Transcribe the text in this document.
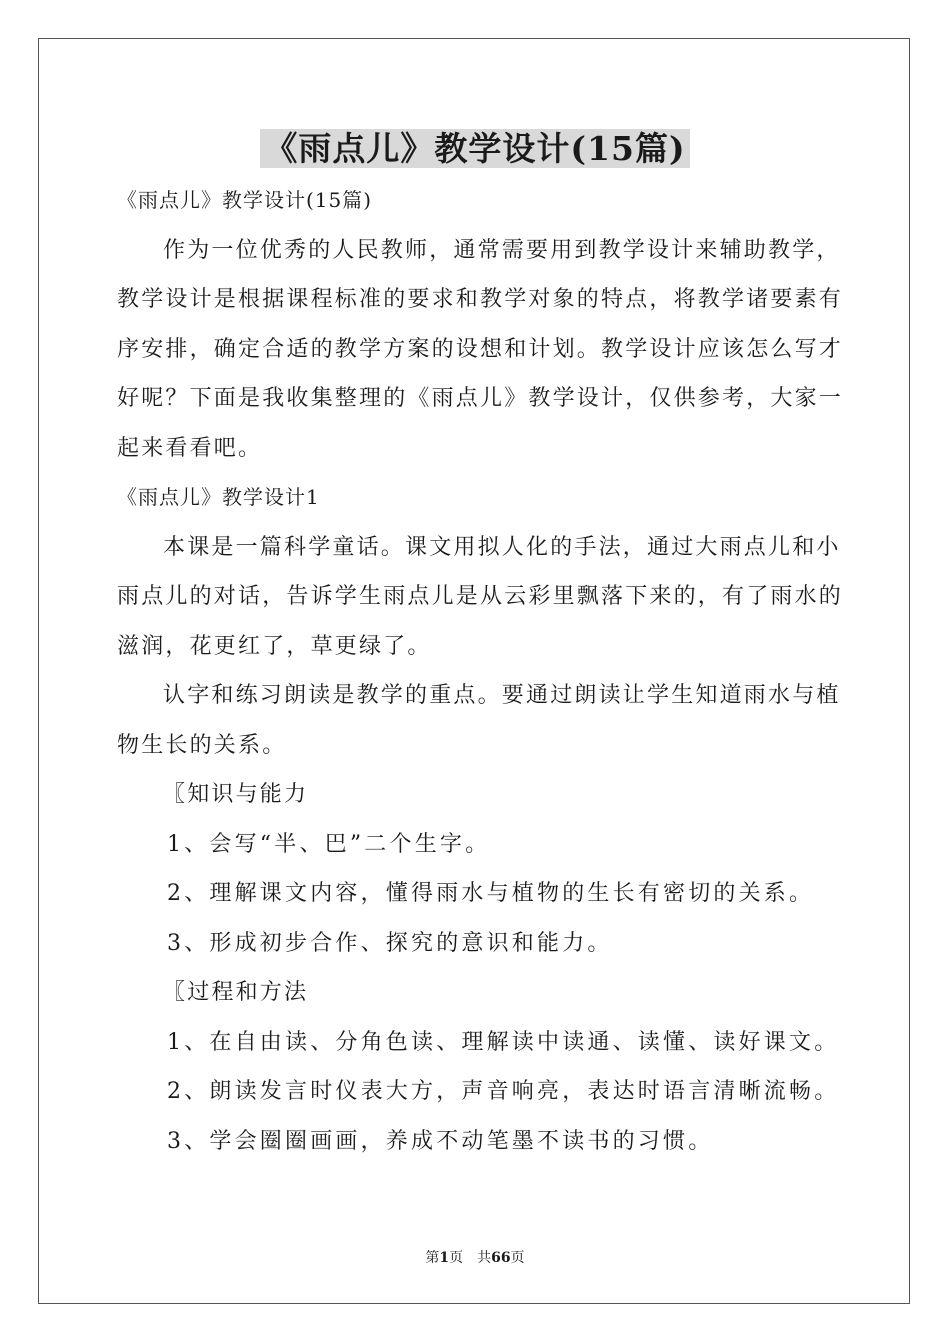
《雨点儿》教学设计(15篇)
《雨点儿》教学设计(15篇)
作为一位优秀的人民教师，通常需要用到教学设计来辅助教学，
教学设计是根据课程标准的要求和教学对象的特点，将教学诸要素有
序安排，确定合适的教学方案的设想和计划。教学设计应该怎么写才
好呢？下面是我收集整理的《雨点儿》教学设计，仅供参考，大家一
起来看看吧。
《雨点儿》教学设计1
本课是一篇科学童话。课文用拟人化的手法，通过大雨点儿和小
雨点儿的对话，告诉学生雨点儿是从云彩里飘落下来的，有了雨水的
滋润，花更红了，草更绿了。
认字和练习朗读是教学的重点。要通过朗读让学生知道雨水与植
物生长的关系。
〖知识与能力
1、会写“半、巴”二个生字。
2、理解课文内容，懂得雨水与植物的生长有密切的关系。
3、形成初步合作、探究的意识和能力。
〖过程和方法
1、在自由读、分角色读、理解读中读通、读懂、读好课文。
2、朗读发言时仪表大方，声音响亮，表达时语言清晰流畅。
3、学会圈圈画画，养成不动笔墨不读书的习惯。
第1页 共66页
